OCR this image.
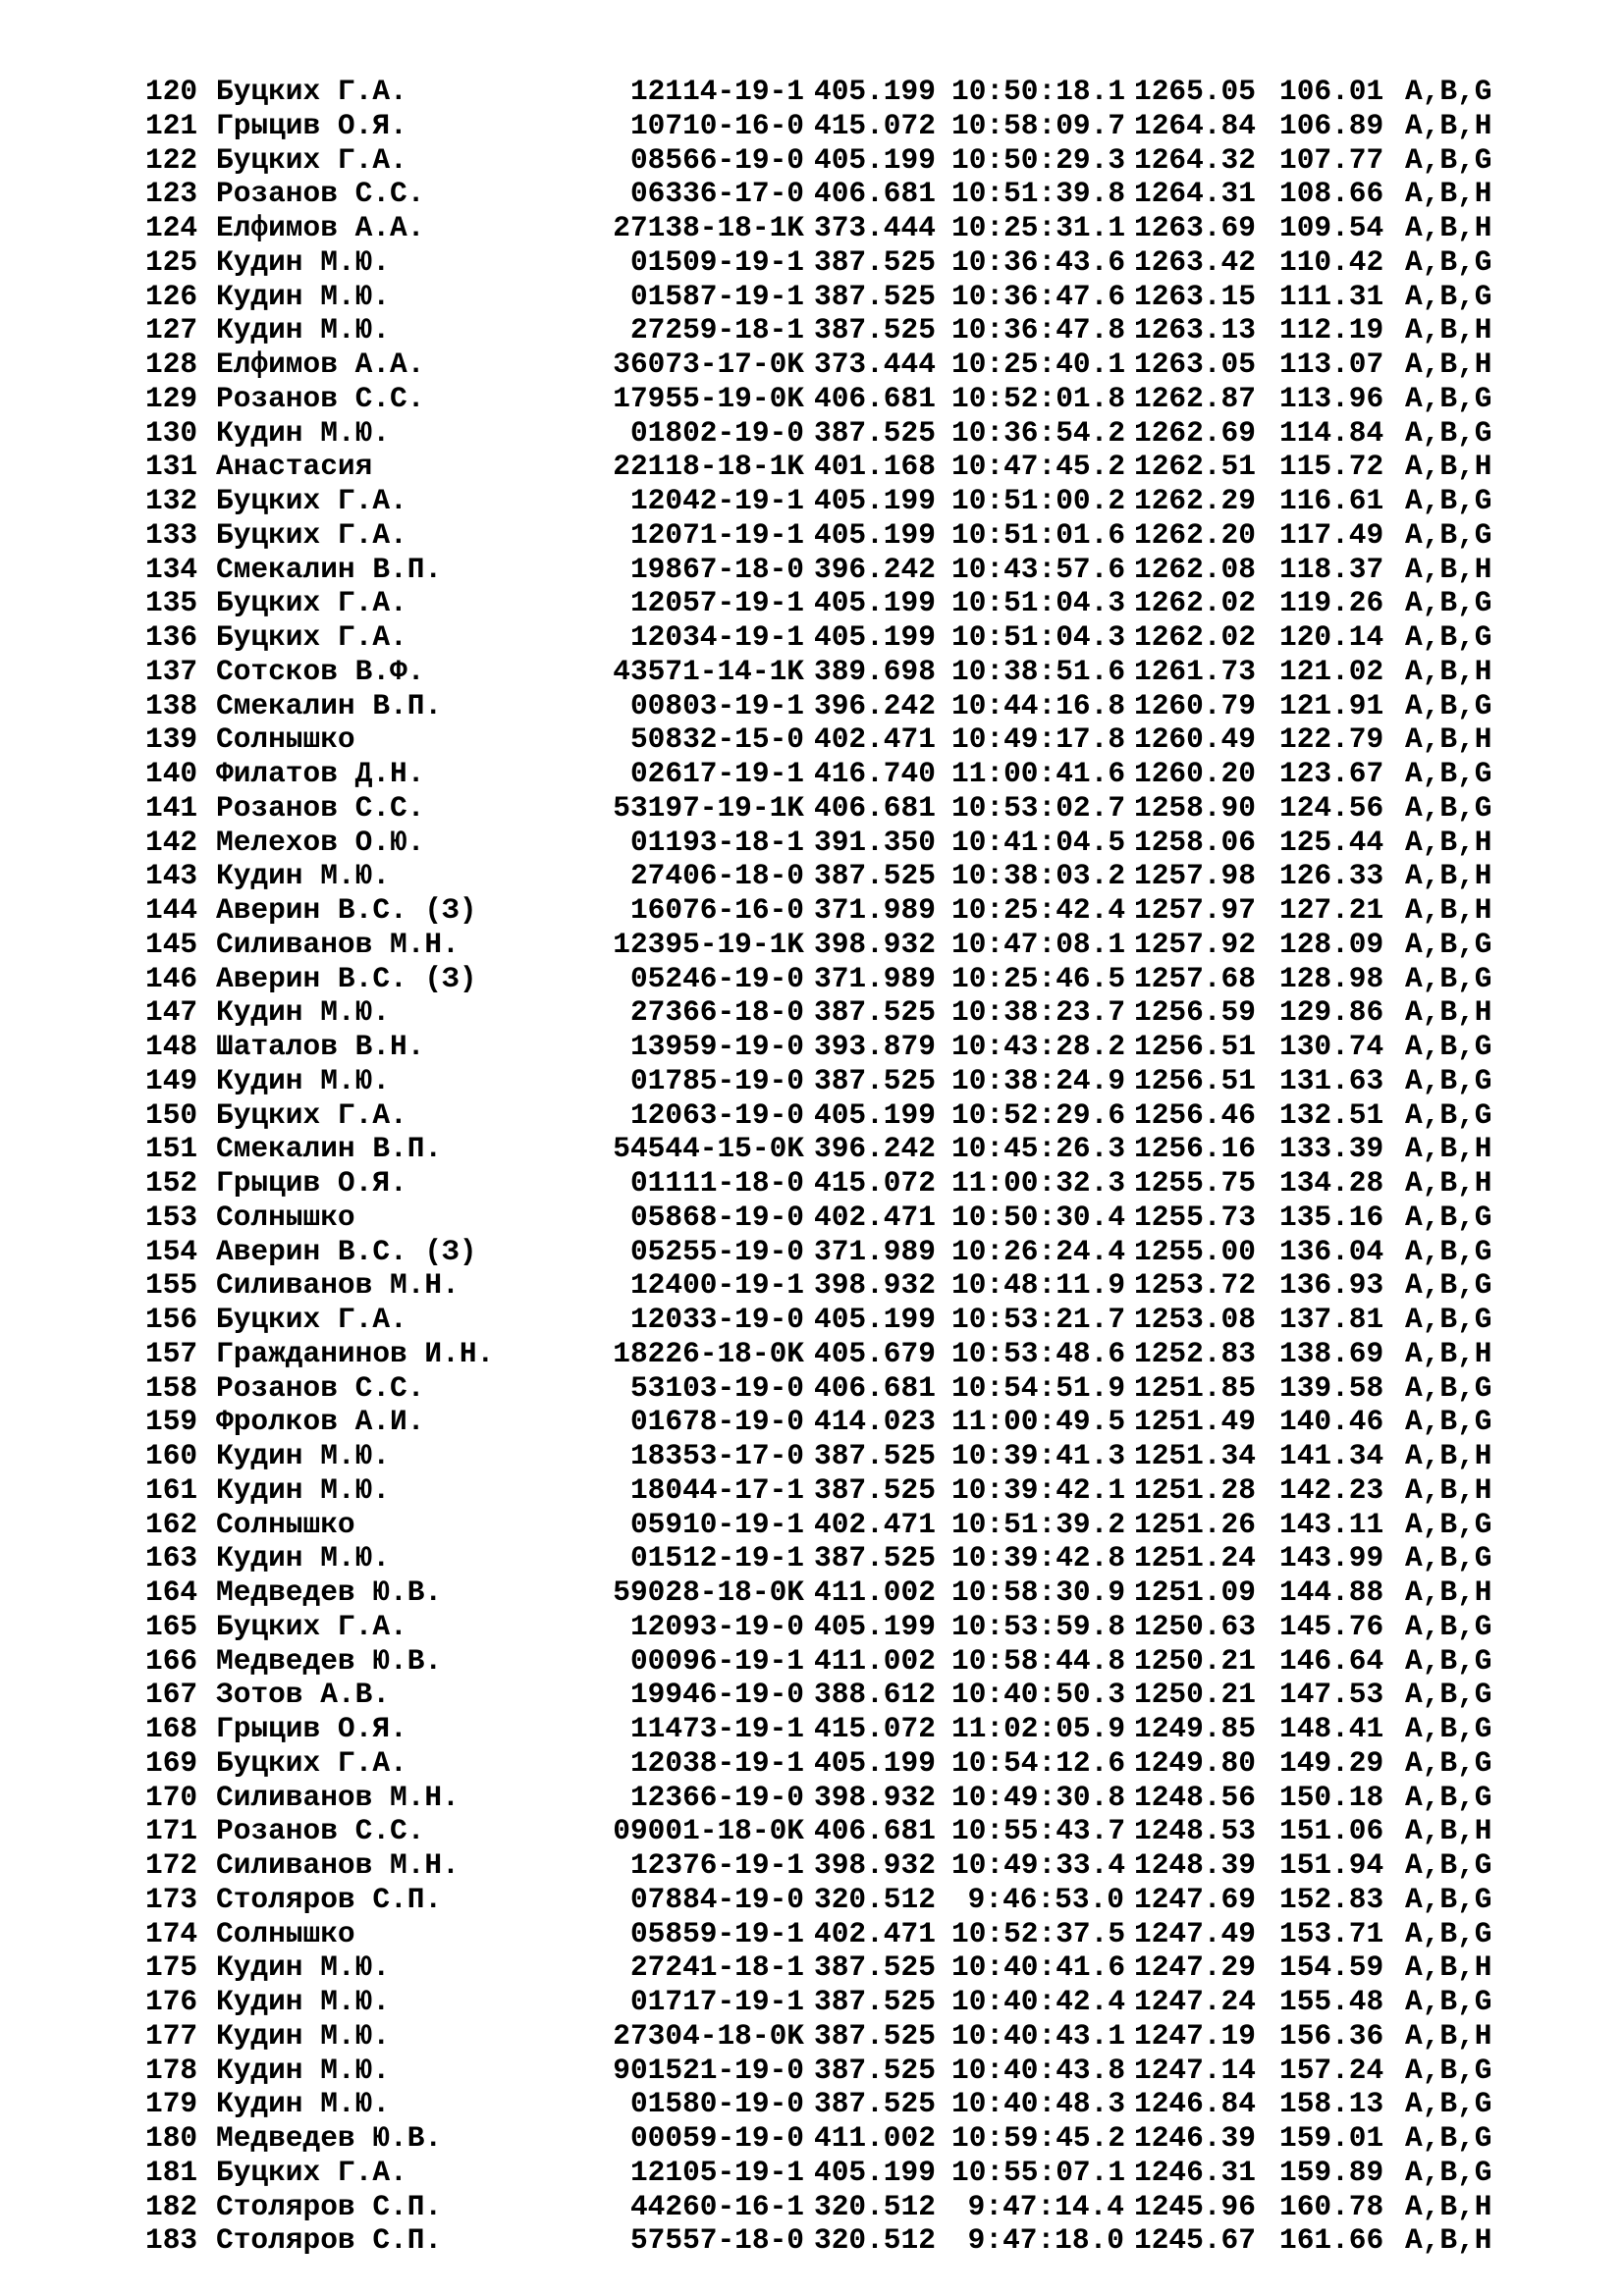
120 Буцких Г.А.	12114-19-1 405.199 10:50:18.1 1265.05 106.01 A,B,G
121 Грыцив О.Я.	10710-16-0 415.072 10:58:09.7 1264.84 106.89 A,B,H
122 Буцких Г.А.	08566-19-0 405.199 10:50:29.3 1264.32 107.77 A,B,G
123 Розанов С.С.	06336-17-0 406.681 10:51:39.8 1264.31 108.66 A,B,H
124 Елфимов А.А.	27138-18-1K 373.444 10:25:31.1 1263.69 109.54 A,B,H
125 Кудин М.Ю.	01509-19-1 387.525 10:36:43.6 1263.42 110.42 A,B,G
126 Кудин М.Ю.	01587-19-1 387.525 10:36:47.6 1263.15 111.31 A,B,G
127 Кудин М.Ю.	27259-18-1 387.525 10:36:47.8 1263.13 112.19 A,B,H
128 Елфимов А.А.	36073-17-0K 373.444 10:25:40.1 1263.05 113.07 A,B,H
129 Розанов С.С.	17955-19-0K 406.681 10:52:01.8 1262.87 113.96 A,B,G
130 Кудин М.Ю.	01802-19-0 387.525 10:36:54.2 1262.69 114.84 A,B,G
131 Анастасия	22118-18-1K 401.168 10:47:45.2 1262.51 115.72 A,B,H
132 Буцких Г.А.	12042-19-1 405.199 10:51:00.2 1262.29 116.61 A,B,G
133 Буцких Г.А.	12071-19-1 405.199 10:51:01.6 1262.20 117.49 A,B,G
134 Смекалин В.П.	19867-18-0 396.242 10:43:57.6 1262.08 118.37 A,B,H
135 Буцких Г.А.	12057-19-1 405.199 10:51:04.3 1262.02 119.26 A,B,G
136 Буцких Г.А.	12034-19-1 405.199 10:51:04.3 1262.02 120.14 A,B,G
137 Сотсков В.Ф.	43571-14-1K 389.698 10:38:51.6 1261.73 121.02 A,B,H
138 Смекалин В.П.	00803-19-1 396.242 10:44:16.8 1260.79 121.91 A,B,G
139 Солнышко	50832-15-0 402.471 10:49:17.8 1260.49 122.79 A,B,H
140 Филатов Д.Н.	02617-19-1 416.740 11:00:41.6 1260.20 123.67 A,B,G
141 Розанов С.С.	53197-19-1K 406.681 10:53:02.7 1258.90 124.56 A,B,G
142 Мелехов О.Ю.	01193-18-1 391.350 10:41:04.5 1258.06 125.44 A,B,H
143 Кудин М.Ю.	27406-18-0 387.525 10:38:03.2 1257.98 126.33 A,B,H
144 Аверин В.С. (З)	16076-16-0 371.989 10:25:42.4 1257.97 127.21 A,B,H
145 Силиванов М.Н.	12395-19-1K 398.932 10:47:08.1 1257.92 128.09 A,B,G
146 Аверин В.С. (З)	05246-19-0 371.989 10:25:46.5 1257.68 128.98 A,B,G
147 Кудин М.Ю.	27366-18-0 387.525 10:38:23.7 1256.59 129.86 A,B,H
148 Шаталов В.Н.	13959-19-0 393.879 10:43:28.2 1256.51 130.74 A,B,G
149 Кудин М.Ю.	01785-19-0 387.525 10:38:24.9 1256.51 131.63 A,B,G
150 Буцких Г.А.	12063-19-0 405.199 10:52:29.6 1256.46 132.51 A,B,G
151 Смекалин В.П.	54544-15-0K 396.242 10:45:26.3 1256.16 133.39 A,B,H
152 Грыцив О.Я.	01111-18-0 415.072 11:00:32.3 1255.75 134.28 A,B,H
153 Солнышко	05868-19-0 402.471 10:50:30.4 1255.73 135.16 A,B,G
154 Аверин В.С. (З)	05255-19-0 371.989 10:26:24.4 1255.00 136.04 A,B,G
155 Силиванов М.Н.	12400-19-1 398.932 10:48:11.9 1253.72 136.93 A,B,G
156 Буцких Г.А.	12033-19-0 405.199 10:53:21.7 1253.08 137.81 A,B,G
157 Гражданинов И.Н.	18226-18-0K 405.679 10:53:48.6 1252.83 138.69 A,B,H
158 Розанов С.С.	53103-19-0 406.681 10:54:51.9 1251.85 139.58 A,B,G
159 Фролков А.И.	01678-19-0 414.023 11:00:49.5 1251.49 140.46 A,B,G
160 Кудин М.Ю.	18353-17-0 387.525 10:39:41.3 1251.34 141.34 A,B,H
161 Кудин М.Ю.	18044-17-1 387.525 10:39:42.1 1251.28 142.23 A,B,H
162 Солнышко	05910-19-1 402.471 10:51:39.2 1251.26 143.11 A,B,G
163 Кудин М.Ю.	01512-19-1 387.525 10:39:42.8 1251.24 143.99 A,B,G
164 Медведев Ю.В.	59028-18-0K 411.002 10:58:30.9 1251.09 144.88 A,B,H
165 Буцких Г.А.	12093-19-0 405.199 10:53:59.8 1250.63 145.76 A,B,G
166 Медведев Ю.В.	00096-19-1 411.002 10:58:44.8 1250.21 146.64 A,B,G
167 Зотов А.В.	19946-19-0 388.612 10:40:50.3 1250.21 147.53 A,B,G
168 Грыцив О.Я.	11473-19-1 415.072 11:02:05.9 1249.85 148.41 A,B,G
169 Буцких Г.А.	12038-19-1 405.199 10:54:12.6 1249.80 149.29 A,B,G
170 Силиванов М.Н.	12366-19-0 398.932 10:49:30.8 1248.56 150.18 A,B,G
171 Розанов С.С.	09001-18-0K 406.681 10:55:43.7 1248.53 151.06 A,B,H
172 Силиванов М.Н.	12376-19-1 398.932 10:49:33.4 1248.39 151.94 A,B,G
173 Столяров С.П.	07884-19-0 320.512	9:46:53.0 1247.69 152.83 A,B,G
174 Солнышко	05859-19-1 402.471 10:52:37.5 1247.49 153.71 A,B,G
175 Кудин М.Ю.	27241-18-1 387.525 10:40:41.6 1247.29 154.59 A,B,H
176 Кудин М.Ю.	01717-19-1 387.525 10:40:42.4 1247.24 155.48 A,B,G
177 Кудин М.Ю.	27304-18-0K 387.525 10:40:43.1 1247.19 156.36 A,B,H
178 Кудин М.Ю.	901521-19-0 387.525 10:40:43.8 1247.14 157.24 A,B,G
179 Кудин М.Ю.	01580-19-0 387.525 10:40:48.3 1246.84 158.13 A,B,G
180 Медведев Ю.В.	00059-19-0 411.002 10:59:45.2 1246.39 159.01 A,B,G
181 Буцких Г.А.	12105-19-1 405.199 10:55:07.1 1246.31 159.89 A,B,G
182 Столяров С.П.	44260-16-1 320.512	9:47:14.4 1245.96 160.78 A,B,H
183 Столяров С.П.	57557-18-0 320.512	9:47:18.0 1245.67 161.66 A,B,H
